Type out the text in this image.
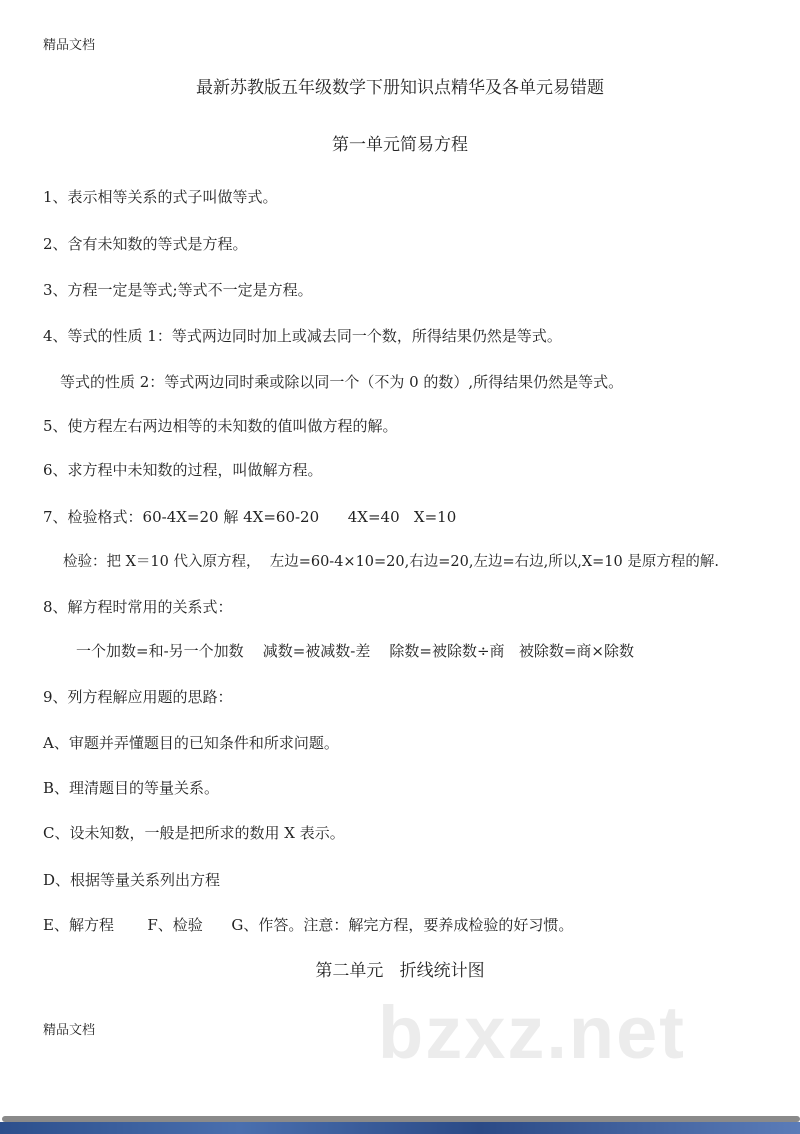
精品文档
最新苏教版五年级数学下册知识点精华及各单元易错题
第一单元简易方程
1、表示相等关系的式子叫做等式。
2、含有未知数的等式是方程。
3、方程一定是等式;等式不一定是方程。
4、等式的性质 1：等式两边同时加上或减去同一个数，所得结果仍然是等式。
等式的性质 2：等式两边同时乘或除以同一个（不为 0 的数）,所得结果仍然是等式。
5、使方程左右两边相等的未知数的值叫做方程的解。
6、求方程中未知数的过程，叫做解方程。
7、检验格式：60-4X=20 解 4X=60-20      4X=40   X=10
检验：把 X＝10 代入原方程，  左边=60-4×10=20,右边=20,左边=右边,所以,X=10 是原方程的解.
8、解方程时常用的关系式：
一个加数=和-另一个加数    减数=被减数-差    除数=被除数÷商   被除数=商×除数
9、列方程解应用题的思路：
A、审题并弄懂题目的已知条件和所求问题。
B、理清题目的等量关系。
C、设未知数，一般是把所求的数用 X 表示。
D、根据等量关系列出方程
E、解方程       F、检验      G、作答。注意：解完方程，要养成检验的好习惯。
第二单元   折线统计图
bzxz.net
精品文档
